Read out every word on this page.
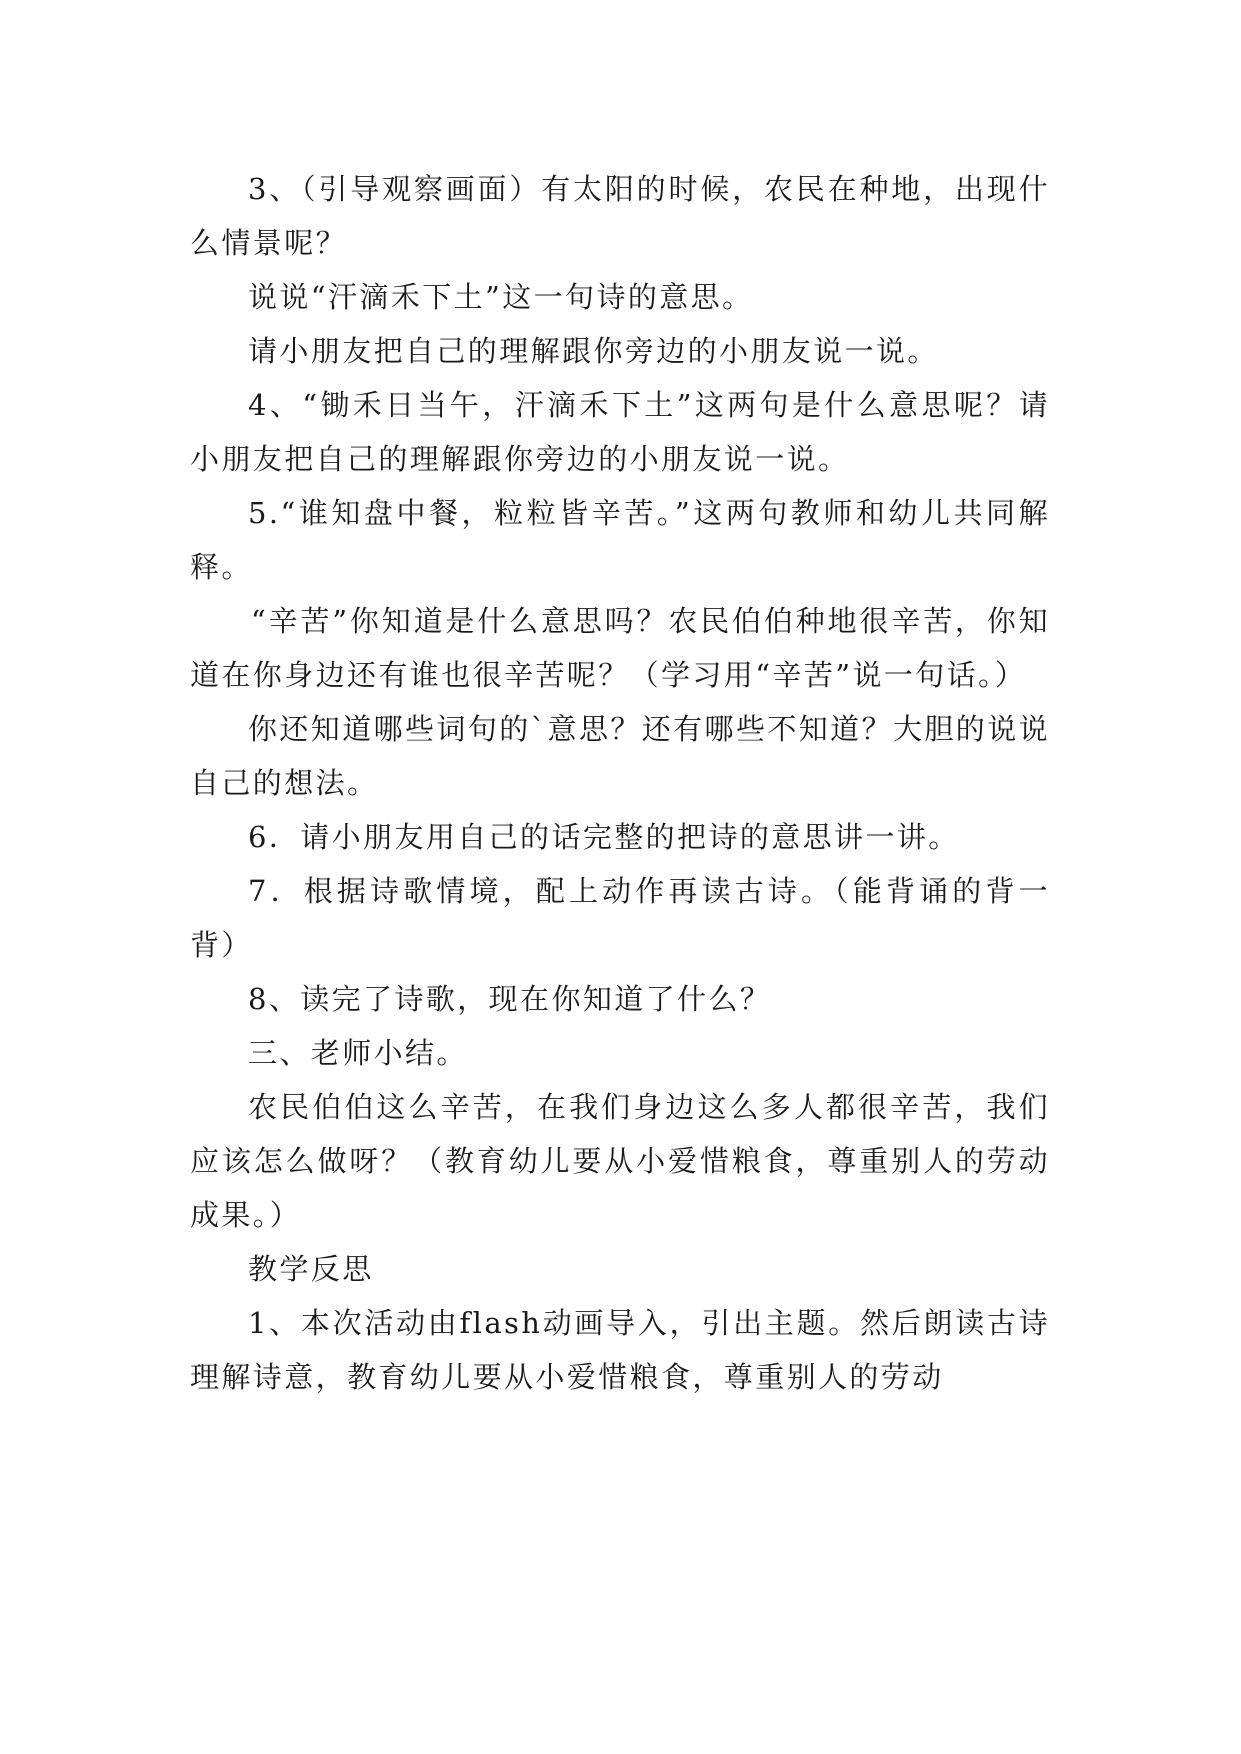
3、（引导观察画面）有太阳的时候，农民在种地，出现什么情景呢？

说说“汗滴禾下土”这一句诗的意思。

请小朋友把自己的理解跟你旁边的小朋友说一说。

4、“锄禾日当午，汗滴禾下土”这两句是什么意思呢？请小朋友把自己的理解跟你旁边的小朋友说一说。

5.“谁知盘中餐，粒粒皆辛苦。”这两句教师和幼儿共同解释。

“辛苦”你知道是什么意思吗？农民伯伯种地很辛苦，你知道在你身边还有谁也很辛苦呢？（学习用“辛苦”说一句话。）

你还知道哪些词句的`意思？还有哪些不知道？大胆的说说自己的想法。

6．请小朋友用自己的话完整的把诗的意思讲一讲。

7．根据诗歌情境，配上动作再读古诗。（能背诵的背一背）

8、读完了诗歌，现在你知道了什么？

三、老师小结。

农民伯伯这么辛苦，在我们身边这么多人都很辛苦，我们应该怎么做呀？（教育幼儿要从小爱惜粮食，尊重别人的劳动成果。）

教学反思

1、本次活动由flash动画导入，引出主题。然后朗读古诗理解诗意，教育幼儿要从小爱惜粮食，尊重别人的劳动
